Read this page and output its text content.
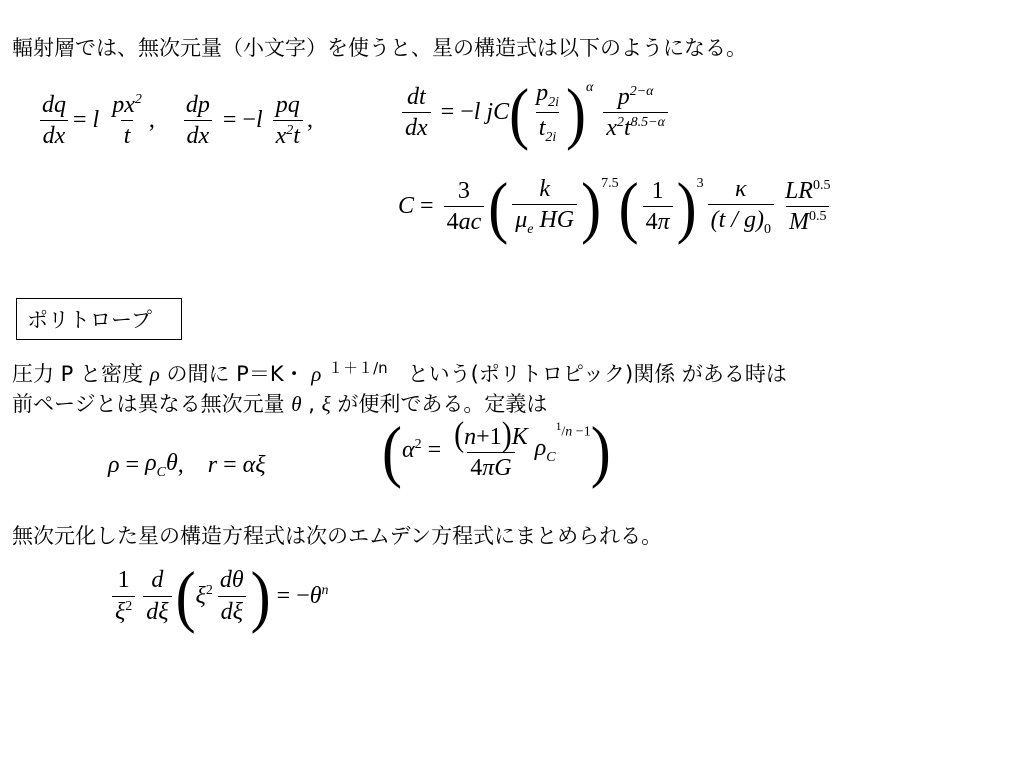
輻射層では、無次元量（小文字）を使うと、星の構造式は以下のようになる。
$\frac{dq}{dx} = l \frac{px^2}{t}$ , $\frac{dp}{dx}$ = − l $\frac{pq}{x^2t}$ ,	$\frac{dt}{dx}$ = − l jC ( $\frac{p_{2i}}{t_{2i}}$ ) α
$\frac{p^{2-\alpha}}{x^2t^{8.5-\alpha}}$
$C = \frac{3}{4ac}$ ( $\frac{k}{\mu_e HG}$ ) 7.5 ( $\frac{1}{4\pi}$ ) $3 \frac{\kappa}{(t / g)_0} \frac{LR^{0.5}}{M^{0.5}}$
ポリトロープ
圧力 P と密度 ρ の間に P＝K・ ρ $^{1+1/n}$ という(ポリトロピック)関係 がある時は
前ページとは異なる無次元量 θ , ξ が便利である。定義は
$\rho = \rho_C\theta$ , r = αξ ( $\alpha^2 = \frac{(n+1)K}{4\pi G} \rho_C$
$^1$/n −1 )
無次元化した星の構造方程式は次のエムデン方程式にまとめられる。
$\frac{1}{\xi^2} \frac{d}{d\xi}$ ( $\xi^2 \frac{d\theta}{d\xi}$ ) = − $\theta^n$
